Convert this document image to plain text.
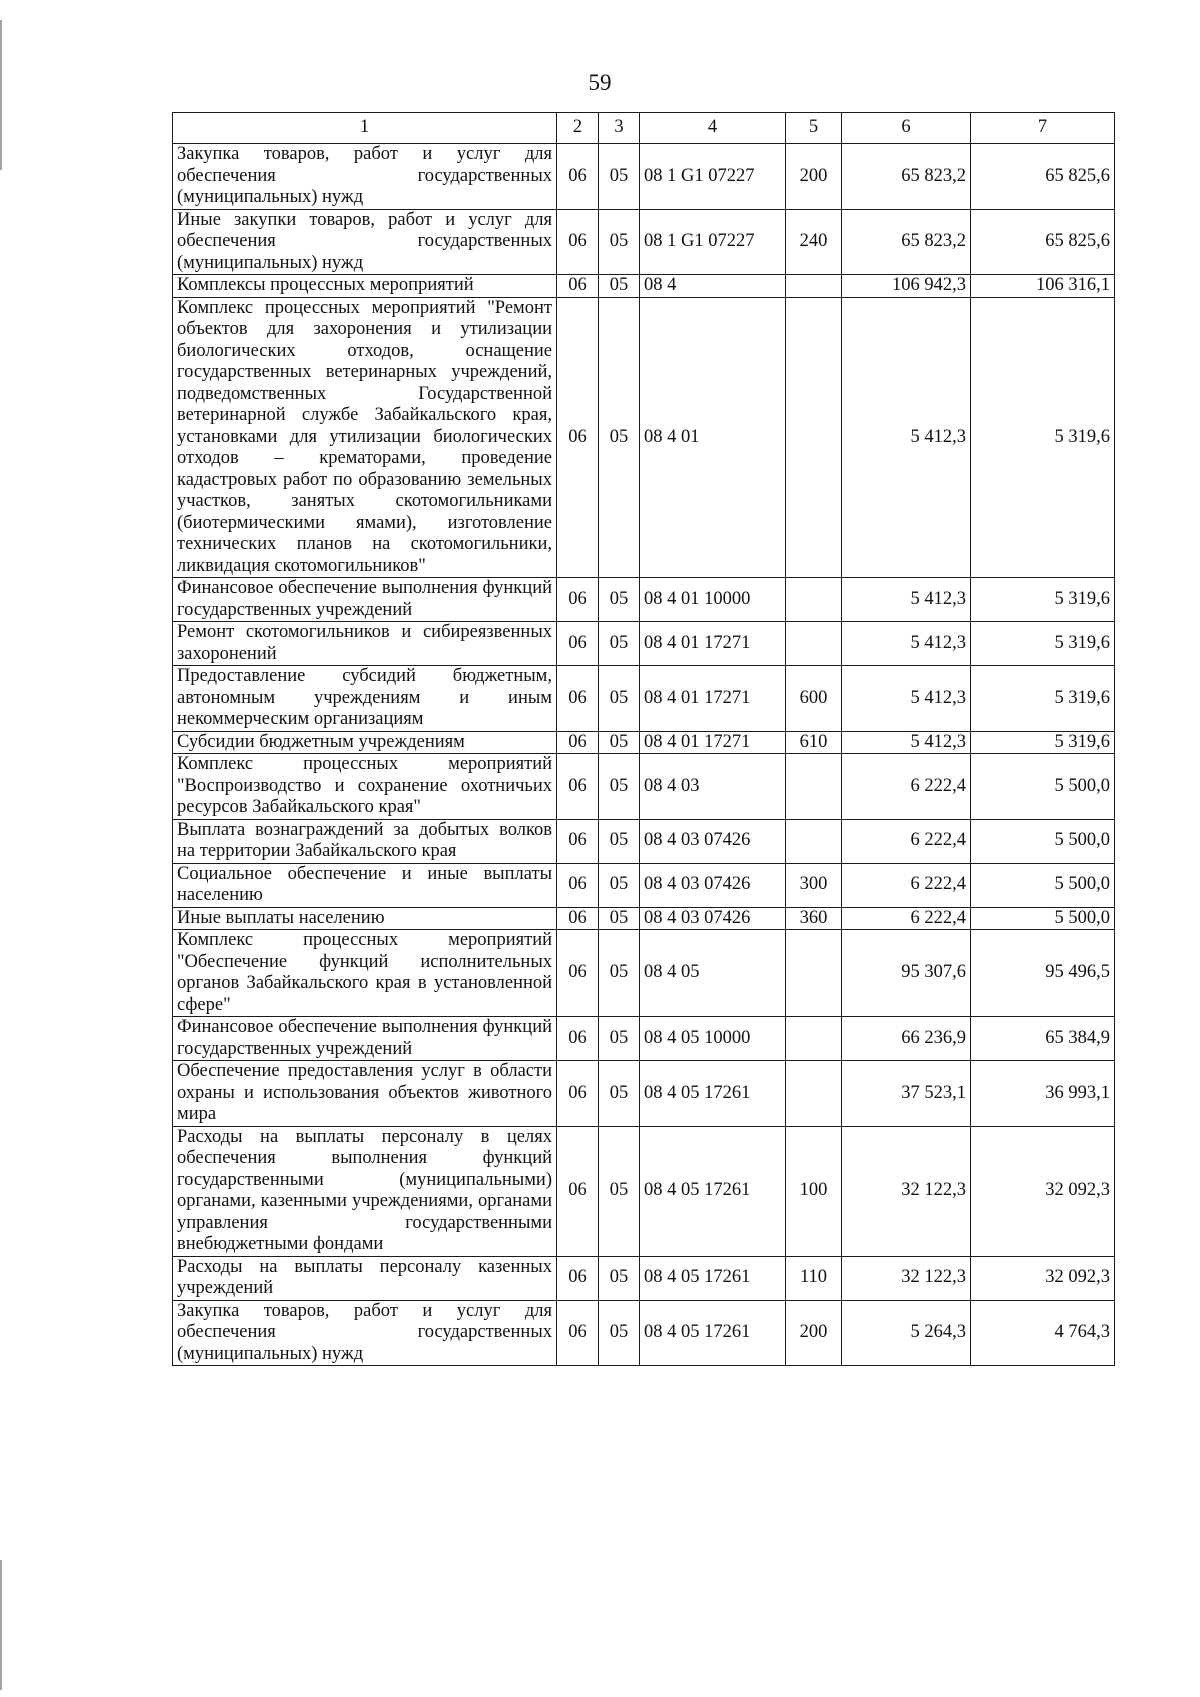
59
1	2	3	4	5	6	7
Закупка товаров, работ и услуг для обеспечения государственных (муниципальных) нужд	06	05	08 1 G1 07227	200	65 823,2	65 825,6
Иные закупки товаров, работ и услуг для обеспечения государственных (муниципальных) нужд	06	05	08 1 G1 07227	240	65 823,2	65 825,6
Комплексы процессных мероприятий	06	05	08 4		106 942,3	106 316,1
Комплекс процессных мероприятий "Ремонт объектов для захоронения и утилизации биологических отходов, оснащение государственных ветеринарных учреждений, подведомственных Государственной ветеринарной службе Забайкальского края, установками для утилизации биологических отходов – крематорами, проведение кадастровых работ по образованию земельных участков, занятых скотомогильниками (биотермическими ямами), изготовление технических планов на скотомогильники, ликвидация скотомогильников"	06	05	08 4 01		5 412,3	5 319,6
Финансовое обеспечение выполнения функций государственных учреждений	06	05	08 4 01 10000		5 412,3	5 319,6
Ремонт скотомогильников и сибиреязвенных захоронений	06	05	08 4 01 17271		5 412,3	5 319,6
Предоставление субсидий бюджетным, автономным учреждениям и иным некоммерческим организациям	06	05	08 4 01 17271	600	5 412,3	5 319,6
Субсидии бюджетным учреждениям	06	05	08 4 01 17271	610	5 412,3	5 319,6
Комплекс процессных мероприятий "Воспроизводство и сохранение охотничьих ресурсов Забайкальского края"	06	05	08 4 03		6 222,4	5 500,0
Выплата вознаграждений за добытых волков на территории Забайкальского края	06	05	08 4 03 07426		6 222,4	5 500,0
Социальное обеспечение и иные выплаты населению	06	05	08 4 03 07426	300	6 222,4	5 500,0
Иные выплаты населению	06	05	08 4 03 07426	360	6 222,4	5 500,0
Комплекс процессных мероприятий "Обеспечение функций исполнительных органов Забайкальского края в установленной сфере"	06	05	08 4 05		95 307,6	95 496,5
Финансовое обеспечение выполнения функций государственных учреждений	06	05	08 4 05 10000		66 236,9	65 384,9
Обеспечение предоставления услуг в области охраны и использования объектов животного мира	06	05	08 4 05 17261		37 523,1	36 993,1
Расходы на выплаты персоналу в целях обеспечения выполнения функций государственными (муниципальными) органами, казенными учреждениями, органами управления государственными внебюджетными фондами	06	05	08 4 05 17261	100	32 122,3	32 092,3
Расходы на выплаты персоналу казенных учреждений	06	05	08 4 05 17261	110	32 122,3	32 092,3
Закупка товаров, работ и услуг для обеспечения государственных (муниципальных) нужд	06	05	08 4 05 17261	200	5 264,3	4 764,3
